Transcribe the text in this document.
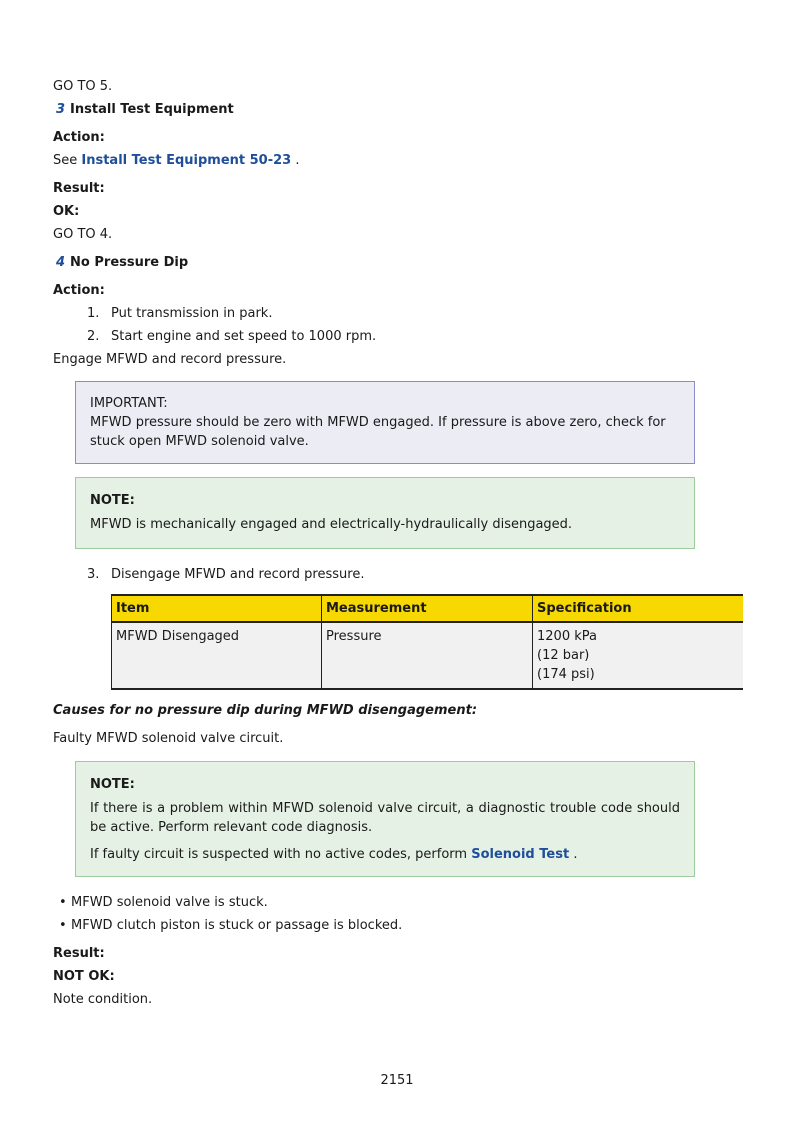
GO TO 5.

3 Install Test Equipment

Action:

See Install Test Equipment 50-23 .

Result:

OK:

GO TO 4.

4 No Pressure Dip

Action:

1. Put transmission in park.
2. Start engine and set speed to 1000 rpm.

Engage MFWD and record pressure.

IMPORTANT:
MFWD pressure should be zero with MFWD engaged. If pressure is above zero, check for stuck open MFWD solenoid valve.

NOTE:

MFWD is mechanically engaged and electrically-hydraulically disengaged.

3. Disengage MFWD and record pressure.
Item	Measurement	Specification
MFWD Disengaged	Pressure	1200 kPa
(12 bar)
(174 psi)

Causes for no pressure dip during MFWD disengagement:

Faulty MFWD solenoid valve circuit.

NOTE:

If there is a problem within MFWD solenoid valve circuit, a diagnostic trouble code should be active. Perform relevant code diagnosis.

If faulty circuit is suspected with no active codes, perform Solenoid Test .

• MFWD solenoid valve is stuck.
• MFWD clutch piston is stuck or passage is blocked.

Result:

NOT OK:

Note condition.

2151
